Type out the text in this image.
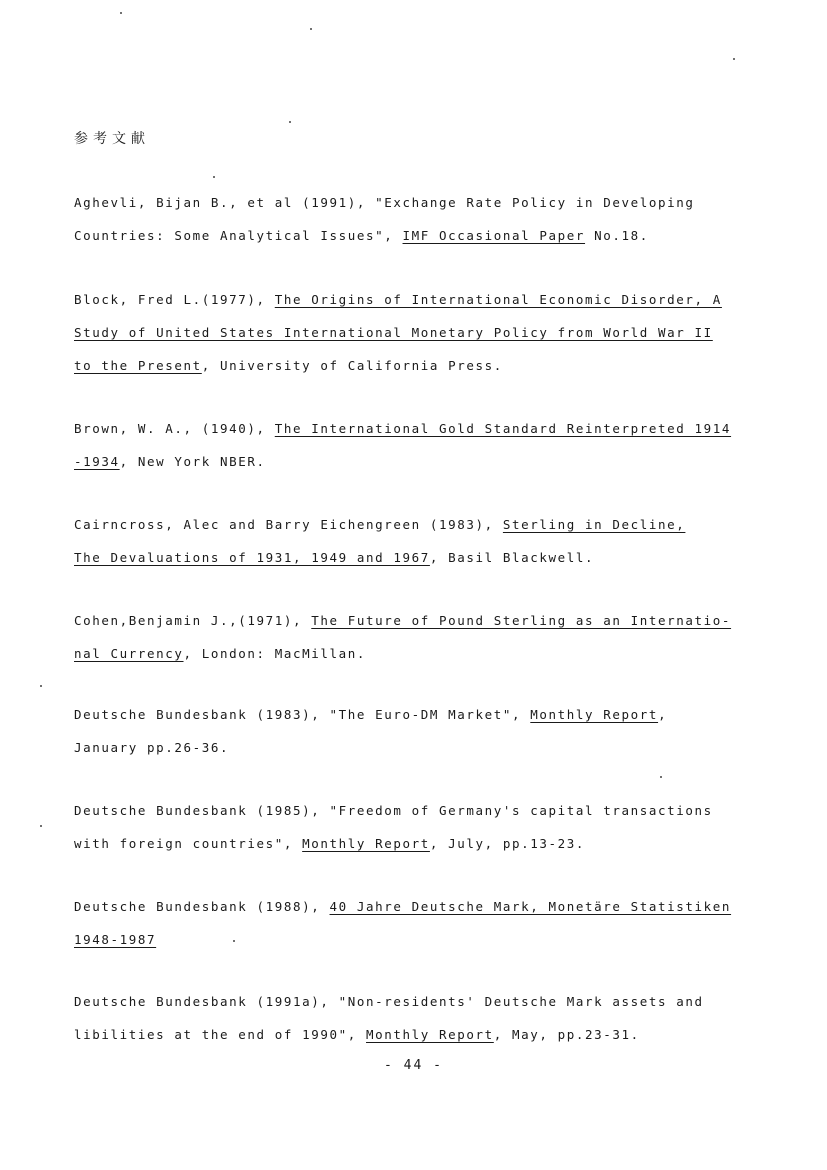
参考文献
Aghevli, Bijan B., et al (1991), "Exchange Rate Policy in Developing
Countries: Some Analytical Issues", IMF Occasional Paper No.18.
Block, Fred L.(1977), The Origins of International Economic Disorder, A
Study of United States International Monetary Policy from World War II
to the Present, University of California Press.
Brown, W. A., (1940), The International Gold Standard Reinterpreted 1914
-1934, New York NBER.
Cairncross, Alec and Barry Eichengreen (1983), Sterling in Decline,
The Devaluations of 1931, 1949 and 1967, Basil Blackwell.
Cohen,Benjamin J.,(1971), The Future of Pound Sterling as an Internatio-
nal Currency, London: MacMillan.
Deutsche Bundesbank (1983), "The Euro-DM Market", Monthly Report,
January pp.26-36.
Deutsche Bundesbank (1985), "Freedom of Germany's capital transactions
with foreign countries", Monthly Report, July, pp.13-23.
Deutsche Bundesbank (1988), 40 Jahre Deutsche Mark, Monetäre Statistiken
1948-1987
Deutsche Bundesbank (1991a), "Non-residents' Deutsche Mark assets and
libilities at the end of 1990", Monthly Report, May, pp.23-31.
- 44 -
